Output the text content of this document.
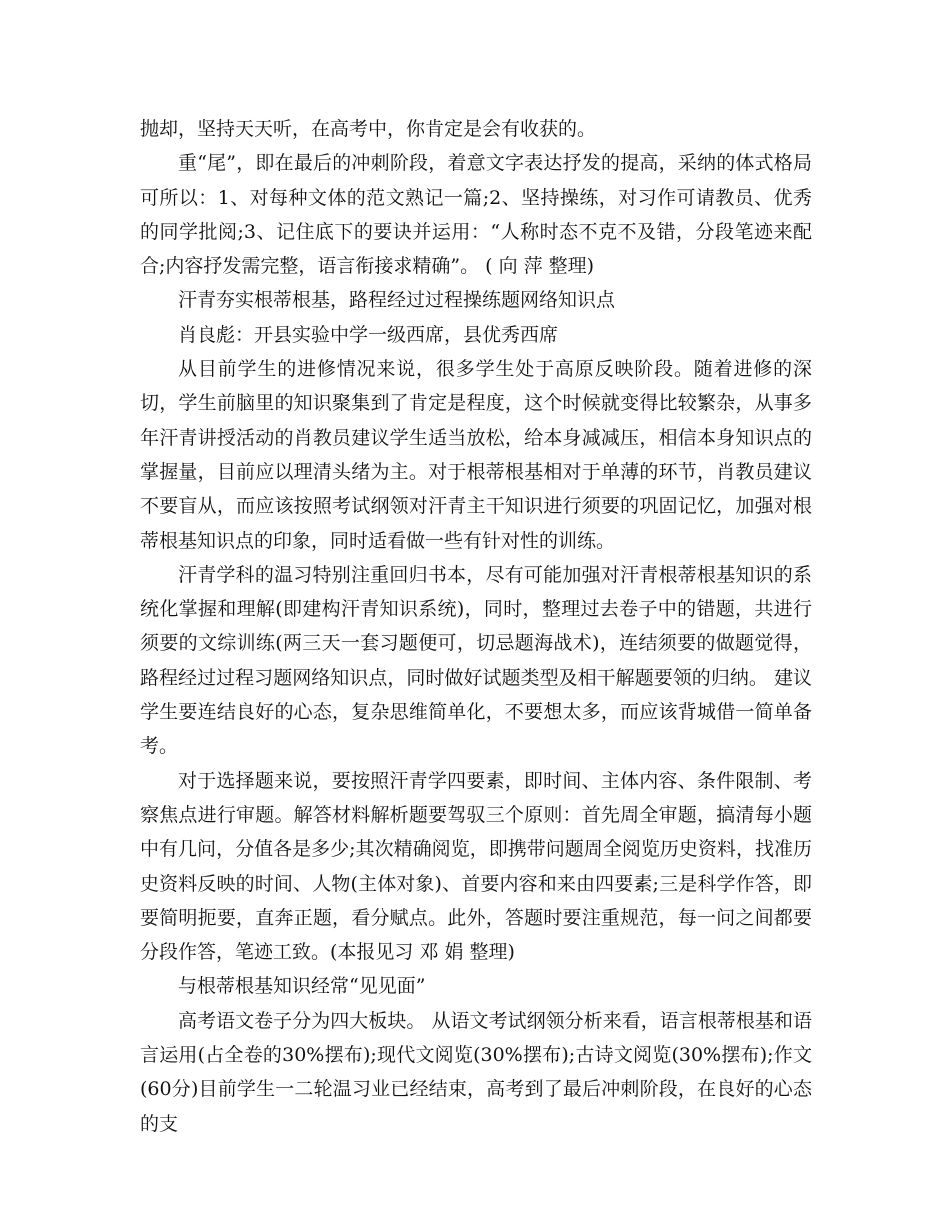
抛却，坚持天天听，在高考中，你肯定是会有收获的。

重“尾”，即在最后的冲刺阶段，着意文字表达抒发的提高，采纳的体式格局可所以：1、对每种文体的范文熟记一篇;2、坚持操练，对习作可请教员、优秀的同学批阅;3、记住底下的要诀并运用：“人称时态不克不及错，分段笔迹来配合;内容抒发需完整，语言衔接求精确”。 ( 向 萍 整理)

汗青夯实根蒂根基，路程经过过程操练题网络知识点

肖良彪：开县实验中学一级西席，县优秀西席

从目前学生的进修情况来说，很多学生处于高原反映阶段。随着进修的深切，学生前脑里的知识聚集到了肯定是程度，这个时候就变得比较繁杂，从事多年汗青讲授活动的肖教员建议学生适当放松，给本身减减压，相信本身知识点的掌握量，目前应以理清头绪为主。对于根蒂根基相对于单薄的环节，肖教员建议不要盲从，而应该按照考试纲领对汗青主干知识进行须要的巩固记忆，加强对根蒂根基知识点的印象，同时适看做一些有针对性的训练。

汗青学科的温习特别注重回归书本，尽有可能加强对汗青根蒂根基知识的系统化掌握和理解(即建构汗青知识系统)，同时，整理过去卷子中的错题，共进行须要的文综训练(两三天一套习题便可，切忌题海战术)，连结须要的做题觉得，路程经过过程习题网络知识点，同时做好试题类型及相干解题要领的归纳。 建议学生要连结良好的心态，复杂思维简单化，不要想太多，而应该背城借一简单备考。

对于选择题来说，要按照汗青学四要素，即时间、主体内容、条件限制、考察焦点进行审题。解答材料解析题要驾驭三个原则：首先周全审题，搞清每小题中有几问，分值各是多少;其次精确阅览，即携带问题周全阅览历史资料，找准历史资料反映的时间、人物(主体对象)、首要内容和来由四要素;三是科学作答，即要简明扼要，直奔正题，看分赋点。此外，答题时要注重规范，每一问之间都要分段作答，笔迹工致。(本报见习 邓 娟 整理)

与根蒂根基知识经常“见见面”

高考语文卷子分为四大板块。 从语文考试纲领分析来看，语言根蒂根基和语言运用(占全卷的30%摆布);现代文阅览(30%摆布);古诗文阅览(30%摆布);作文(60分)目前学生一二轮温习业已经结束，高考到了最后冲刺阶段，在良好的心态的支
